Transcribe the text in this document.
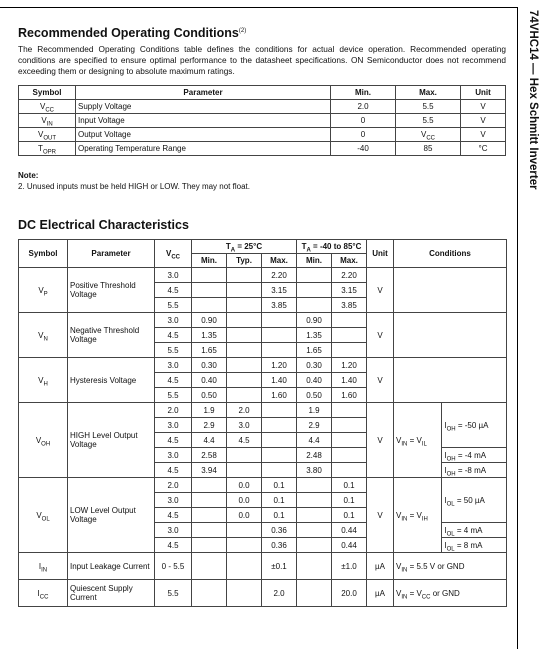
74VHC14 — Hex Schmitt Inverter
Recommended Operating Conditions$^{(2)}$
The Recommended Operating Conditions table defines the conditions for actual device operation. Recommended operating conditions are specified to ensure optimal performance to the datasheet specifications. ON Semiconductor does not recommend exceeding them or designing to absolute maximum ratings.
Symbol	Parameter	Min.	Max.	Unit
$V_{CC}$	Supply Voltage	2.0	5.5	V
$V_{IN}$	Input Voltage	0	5.5	V
$V_{OUT}$	Output Voltage	0	$V_{CC}$	V
$T_{OPR}$	Operating Temperature Range	-40	85	°C
Note:
2. Unused inputs must be held HIGH or LOW. They may not float.
DC Electrical Characteristics
Symbol	Parameter	$V_{CC}$	$T_A = 25^\circ C$			$T_A = -40$ to 85°C		Unit	Conditions	
			Min.	Typ.	Max.	Min.	Max.			
$V_P$	Positive Threshold Voltage	3.0			2.20		2.20	V		
		4.5			3.15		3.15			
		5.5			3.85		3.85			
$V_N$	Negative Threshold Voltage	3.0	0.90			0.90		V		
		4.5	1.35			1.35				
		5.5	1.65			1.65				
$V_H$	Hysteresis Voltage	3.0	0.30		1.20	0.30	1.20	V		
		4.5	0.40		1.40	0.40	1.40			
		5.5	0.50		1.60	0.50	1.60			
$V_{OH}$	HIGH Level Output Voltage	2.0	1.9	2.0		1.9		V	$V_{IN} = V_{IL}$	$I_{OH} = -50$ µA
		3.0	2.9	3.0		2.9				
		4.5	4.4	4.5		4.4				
		3.0	2.58			2.48				$I_{OH} = -4$ mA
		4.5	3.94			3.80				$I_{OH} = -8$ mA
$V_{OL}$	LOW Level Output Voltage	2.0		0.0	0.1		0.1	V	$V_{IN} = V_{IH}$	$I_{OL} = 50$ µA
		3.0		0.0	0.1		0.1			
		4.5		0.0	0.1		0.1			
		3.0			0.36		0.44			$I_{OL} = 4$ mA
		4.5			0.36		0.44			$I_{OL} = 8$ mA
$I_{IN}$	Input Leakage Current	0 - 5.5			±0.1		±1.0	µA	$V_{IN} = 5.5$ V or GND	
$I_{CC}$	Quiescent Supply Current	5.5			2.0		20.0	µA	$V_{IN} = V_{CC}$ or GND	
